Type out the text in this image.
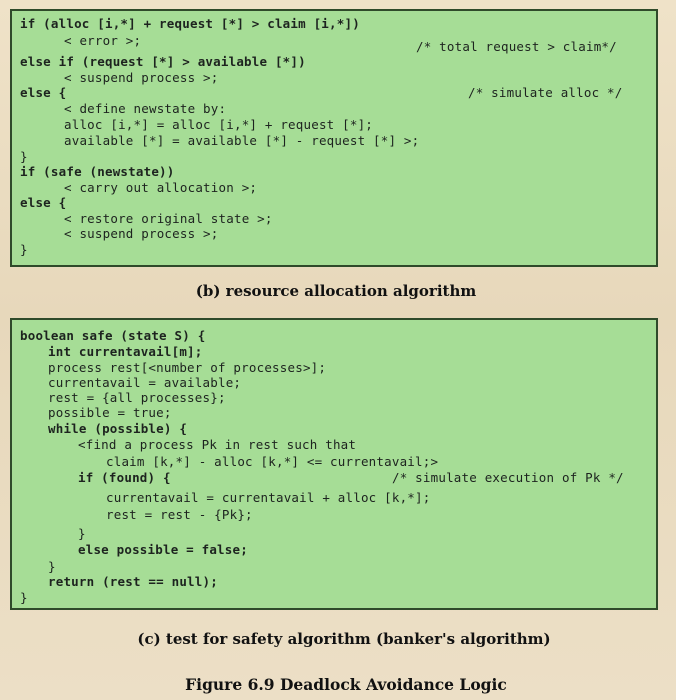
if (alloc [i,*] + request [*] > claim [i,*])
< error >;	/* total request > claim*/
else if (request [*] > available [*])
< suspend process >;
else {	/* simulate alloc */
< define newstate by:
alloc [i,*] = alloc [i,*] + request [*];
available [*] = available [*] - request [*] >;
}
if (safe (newstate))
< carry out allocation >;
else {
< restore original state >;
< suspend process >;
}
(b) resource allocation algorithm
boolean safe (state S) {
int currentavail[m];
process rest[<number of processes>];
currentavail = available;
rest = {all processes};
possible = true;
while (possible) {
<find a process Pk in rest such that
claim [k,*] - alloc [k,*] <= currentavail;>
if (found) {	/* simulate execution of Pk */
currentavail = currentavail + alloc [k,*];
rest = rest - {Pk};
}
else possible = false;
}
return (rest == null);
}
(c) test for safety algorithm (banker's algorithm)
Figure 6.9 Deadlock Avoidance Logic
